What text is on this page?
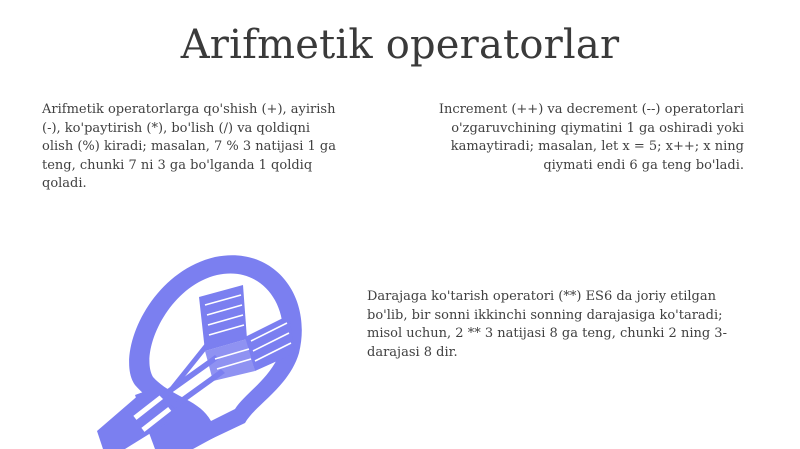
Arifmetik operatorlar
Arifmetik operatorlarga qo'shish (+), ayirish (-), ko'paytirish (*), bo'lish (/) va qoldiqni olish (%) kiradi; masalan, 7 % 3 natijasi 1 ga teng, chunki 7 ni 3 ga bo'lganda 1 qoldiq qoladi.
Increment (++) va decrement (--) operatorlari o'zgaruvchining qiymatini 1 ga oshiradi yoki kamaytiradi; masalan, let x = 5; x++; x ning qiymati endi 6 ga teng bo'ladi.
Darajaga ko'tarish operatori (**) ES6 da joriy etilgan bo'lib, bir sonni ikkinchi sonning darajasiga ko'taradi; misol uchun, 2 ** 3 natijasi 8 ga teng, chunki 2 ning 3-darajasi 8 dir.
